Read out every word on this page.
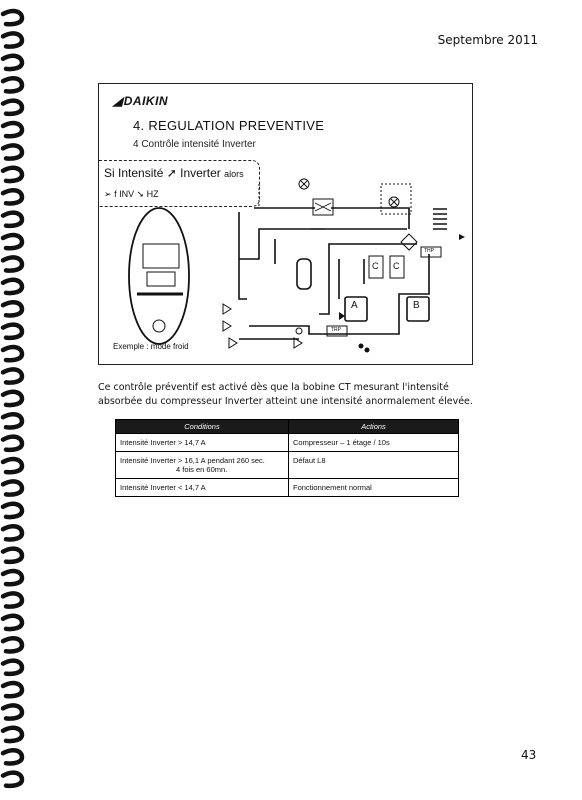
Septembre 2011
◢DAIKIN
4. REGULATION PREVENTIVE
4 Contrôle intensité Inverter
Si Intensité ➚ Inverter alors
➢ f INV ➘ HZ
A	B
C C
THP
TRP
Exemple : mode froid
Ce contrôle préventif est activé dès que la bobine CT mesurant l'intensité absorbée du compresseur Inverter atteint une intensité anormalement élevée.
Conditions	Actions
Intensité Inverter > 14,7 A	Compresseur – 1 étage / 10s

Intensité Inverter > 16,1 A pendant 260 sec.
4 fois en 60mn.	Défaut L8
Intensité Inverter < 14,7 A	Fonctionnement normal
43
